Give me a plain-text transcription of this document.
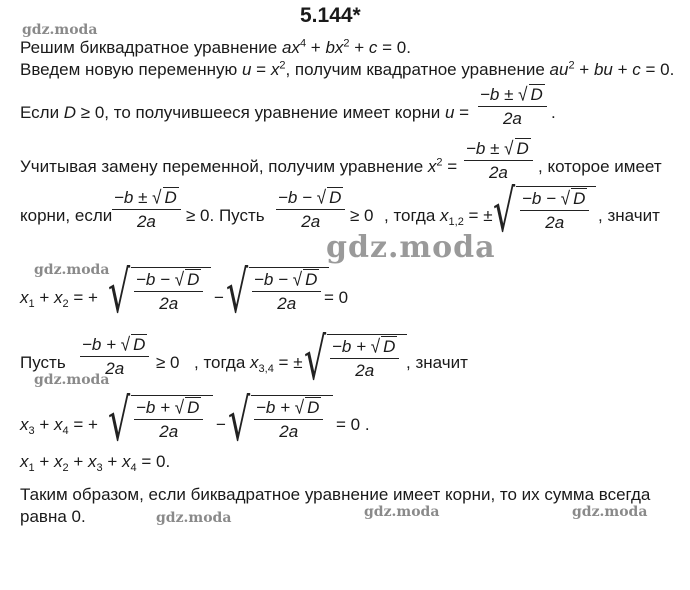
5.144*
Решим биквадратное уравнение $ax^4 + bx^2 + c = 0$.
Введем новую переменную $u = x^2$, получим квадратное уравнение $au^2$ + bu + c = 0.
Если D ≥ 0, то получившееся уравнение имеет корни $u = \frac{-b \pm √ D}{2a}$ .
Учитывая замену переменной, получим уравнение $x^2 = \frac{-b \pm √ D}{2a}$ , которое имеет
корни, если $\frac{-b \pm √ D}{2a} \ge 0$. Пусть $\frac{-b - √ D}{2a} \ge 0$ , тогда $x_{1,2}$ = ± √ $\frac{-b - √ D}{2a}$ , значит
$x_1 + x_2$ = + √ $\frac{-b - √ D}{2a}$ − √ $\frac{-b - √ D}{2a} = 0$
Пусть $\frac{-b + √ D}{2a} \ge 0$ , тогда $x_{3,4}$ = ± √ $\frac{-b + √ D}{2a}$ , значит
$x_3 + x_4$ = + √ $\frac{-b + √ D}{2a}$ − √ $\frac{-b + √ D}{2a} = 0$ .
$x_1 + x_2 + x_3 + x_4 = 0$.
Таким образом, если биквадратное уравнение имеет корни, то их сумма всегда
равна 0.
gdz.moda
gdz.moda
gdz.moda
gdz.moda
gdz.moda	gdz.moda	gdz.moda
